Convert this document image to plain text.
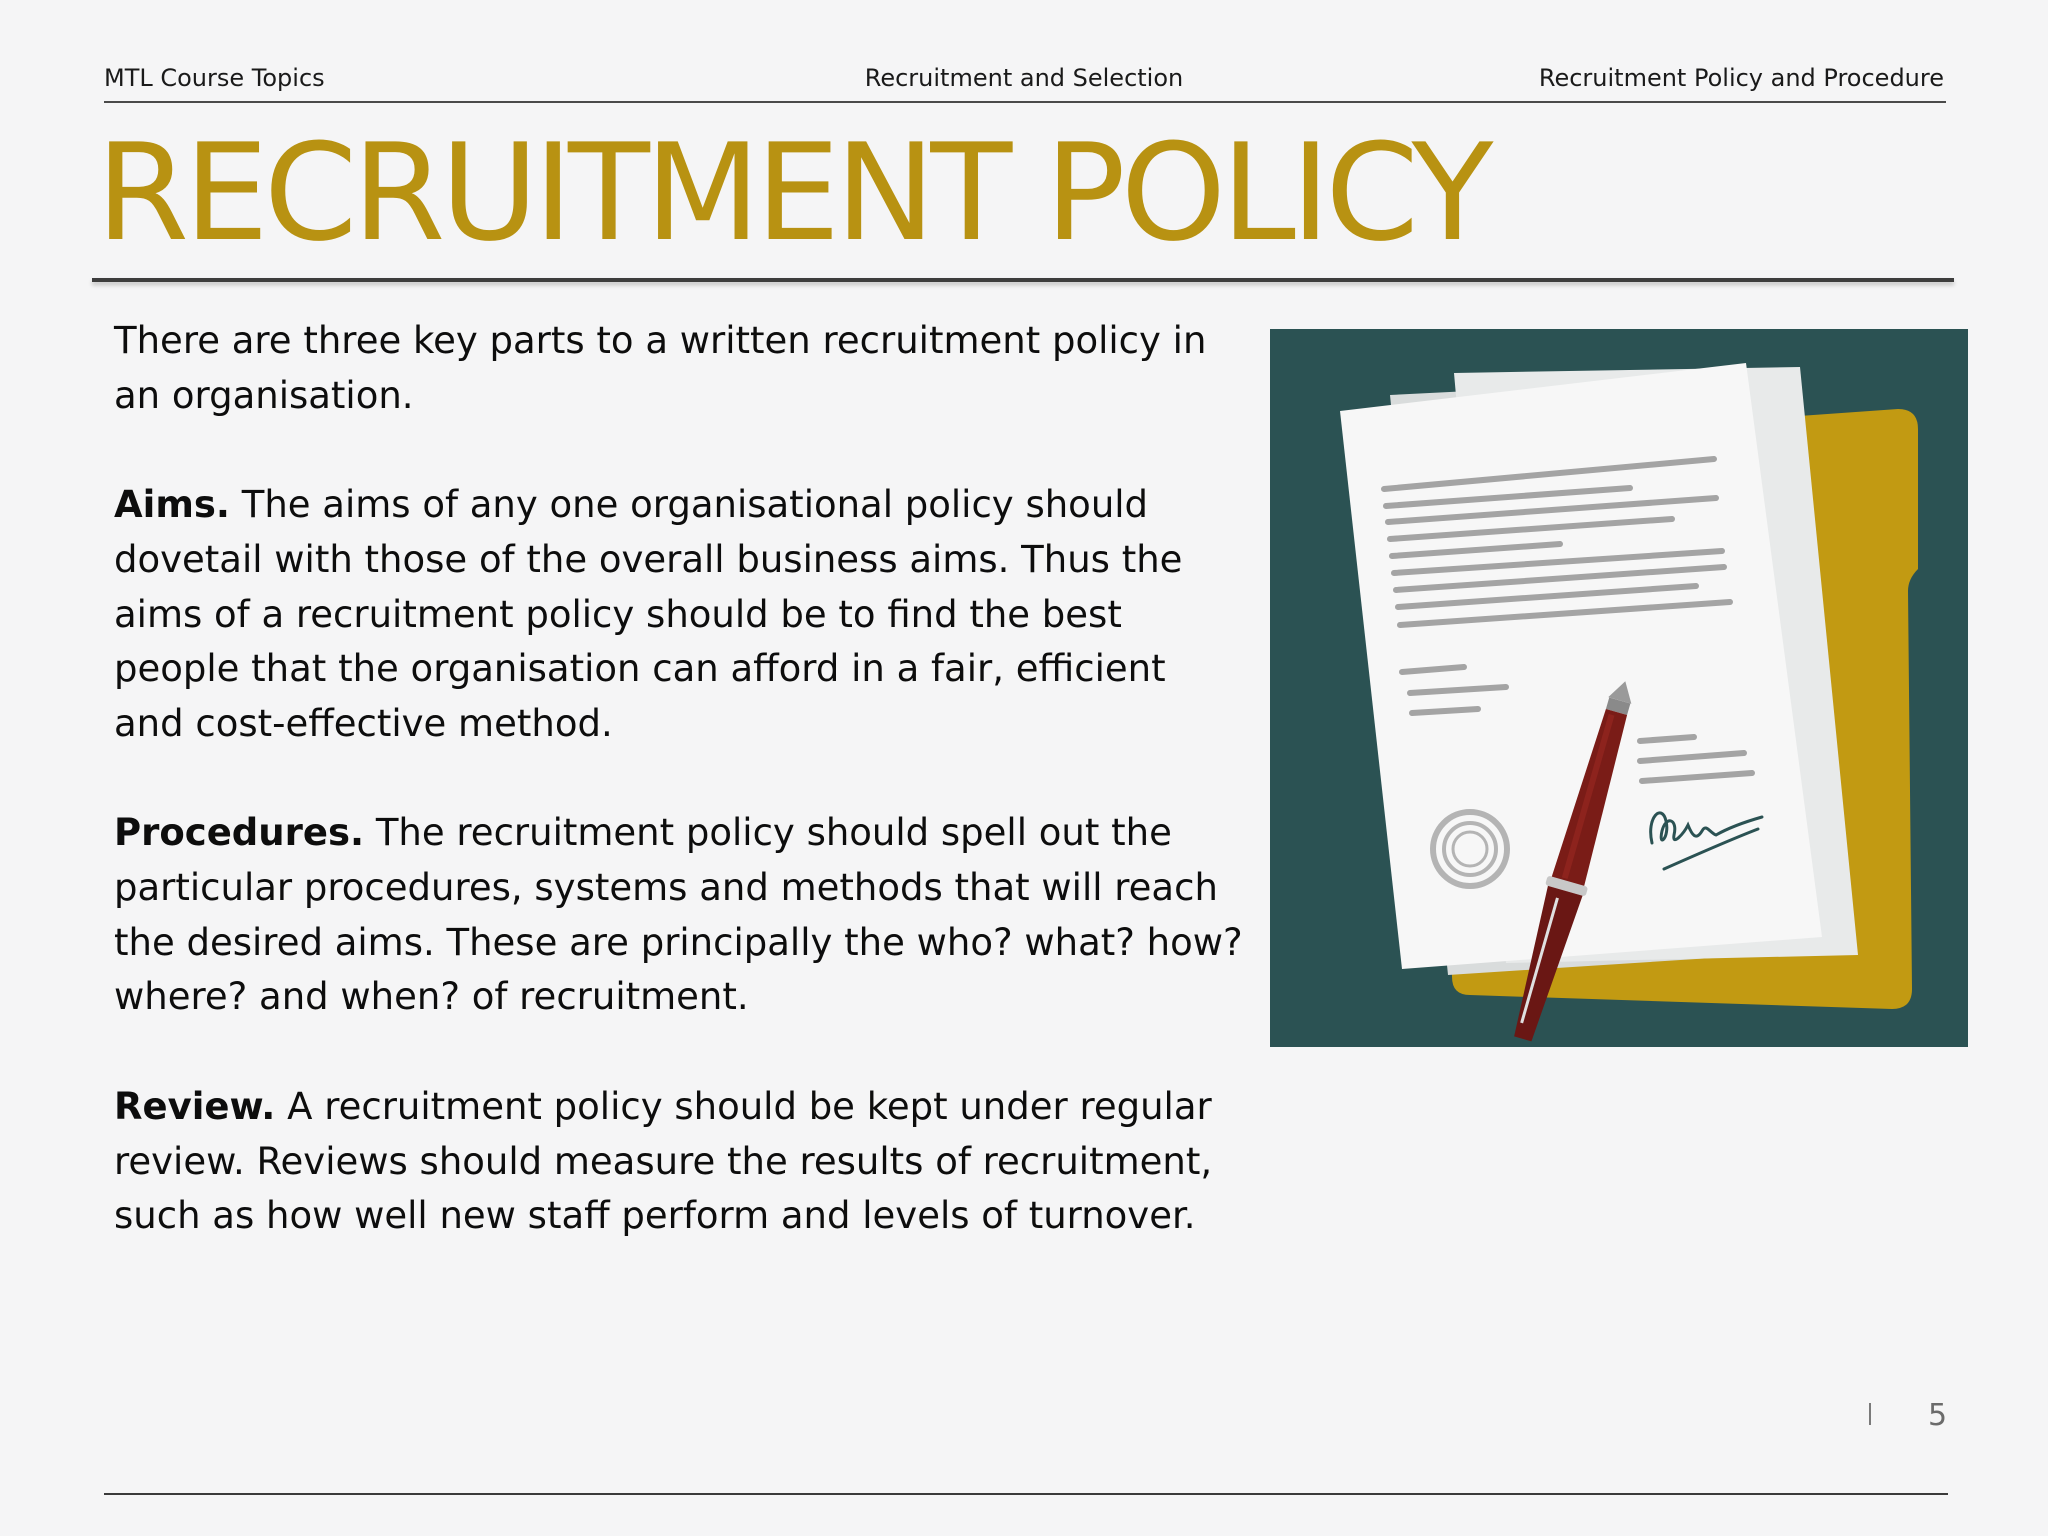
MTL Course Topics	Recruitment and Selection	Recruitment Policy and Procedure
RECRUITMENT POLICY

There are three key parts to a written recruitment policy in an organisation.

Aims. The aims of any one organisational policy should dovetail with those of the overall business aims. Thus the aims of a recruitment policy should be to find the best people that the organisation can afford in a fair, efficient and cost-effective method.

Procedures. The recruitment policy should spell out the particular procedures, systems and methods that will reach the desired aims. These are principally the who? what? how? where? and when? of recruitment.

Review. A recruitment policy should be kept under regular review. Reviews should measure the results of recruitment, such as how well new staff perform and levels of turnover.

5
